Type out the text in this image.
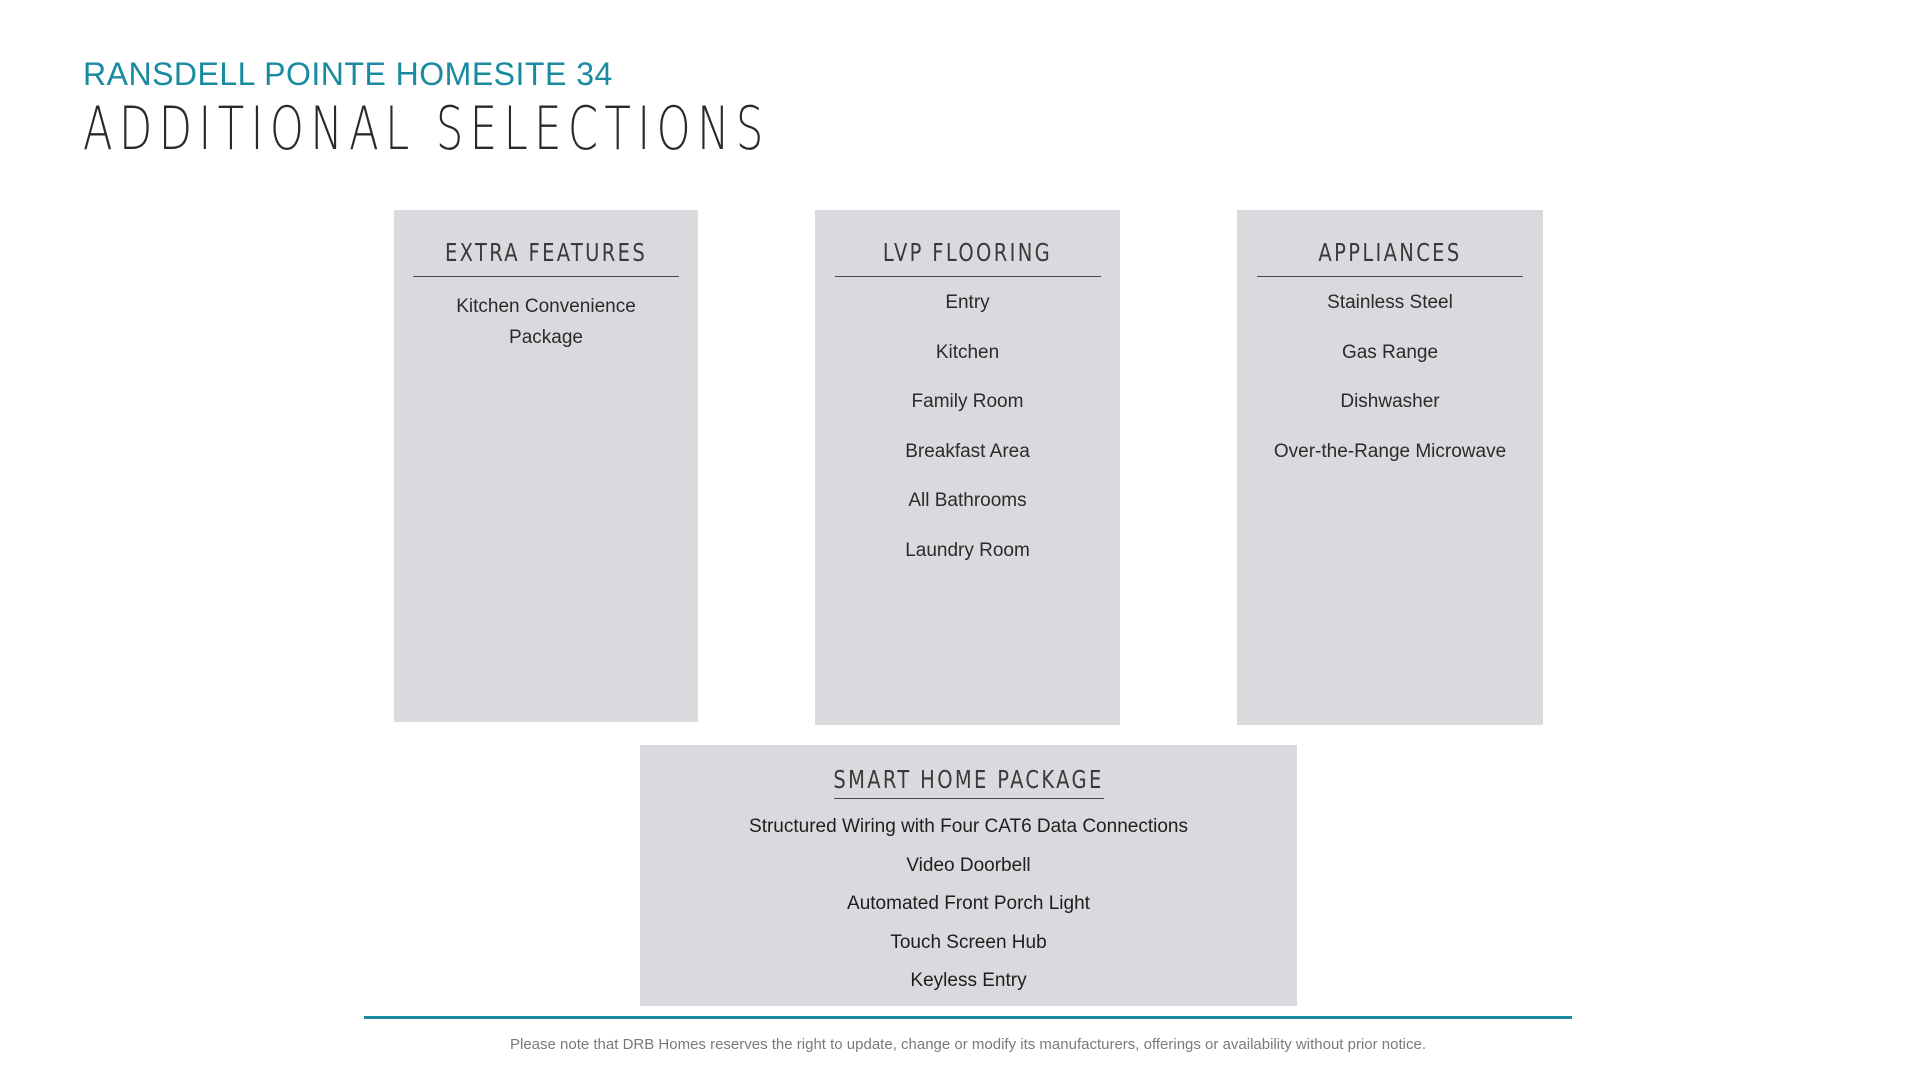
RANSDELL POINTE HOMESITE 34
ADDITIONAL SELECTIONS
EXTRA FEATURES
Kitchen Convenience Package
LVP FLOORING
Entry
Kitchen
Family Room
Breakfast Area
All Bathrooms
Laundry Room
APPLIANCES
Stainless Steel
Gas Range
Dishwasher
Over-the-Range Microwave
SMART HOME PACKAGE
Structured Wiring with Four CAT6 Data Connections
Video Doorbell
Automated Front Porch Light
Touch Screen Hub
Keyless Entry
Please note that DRB Homes reserves the right to update, change or modify its manufacturers, offerings or availability without prior notice.
